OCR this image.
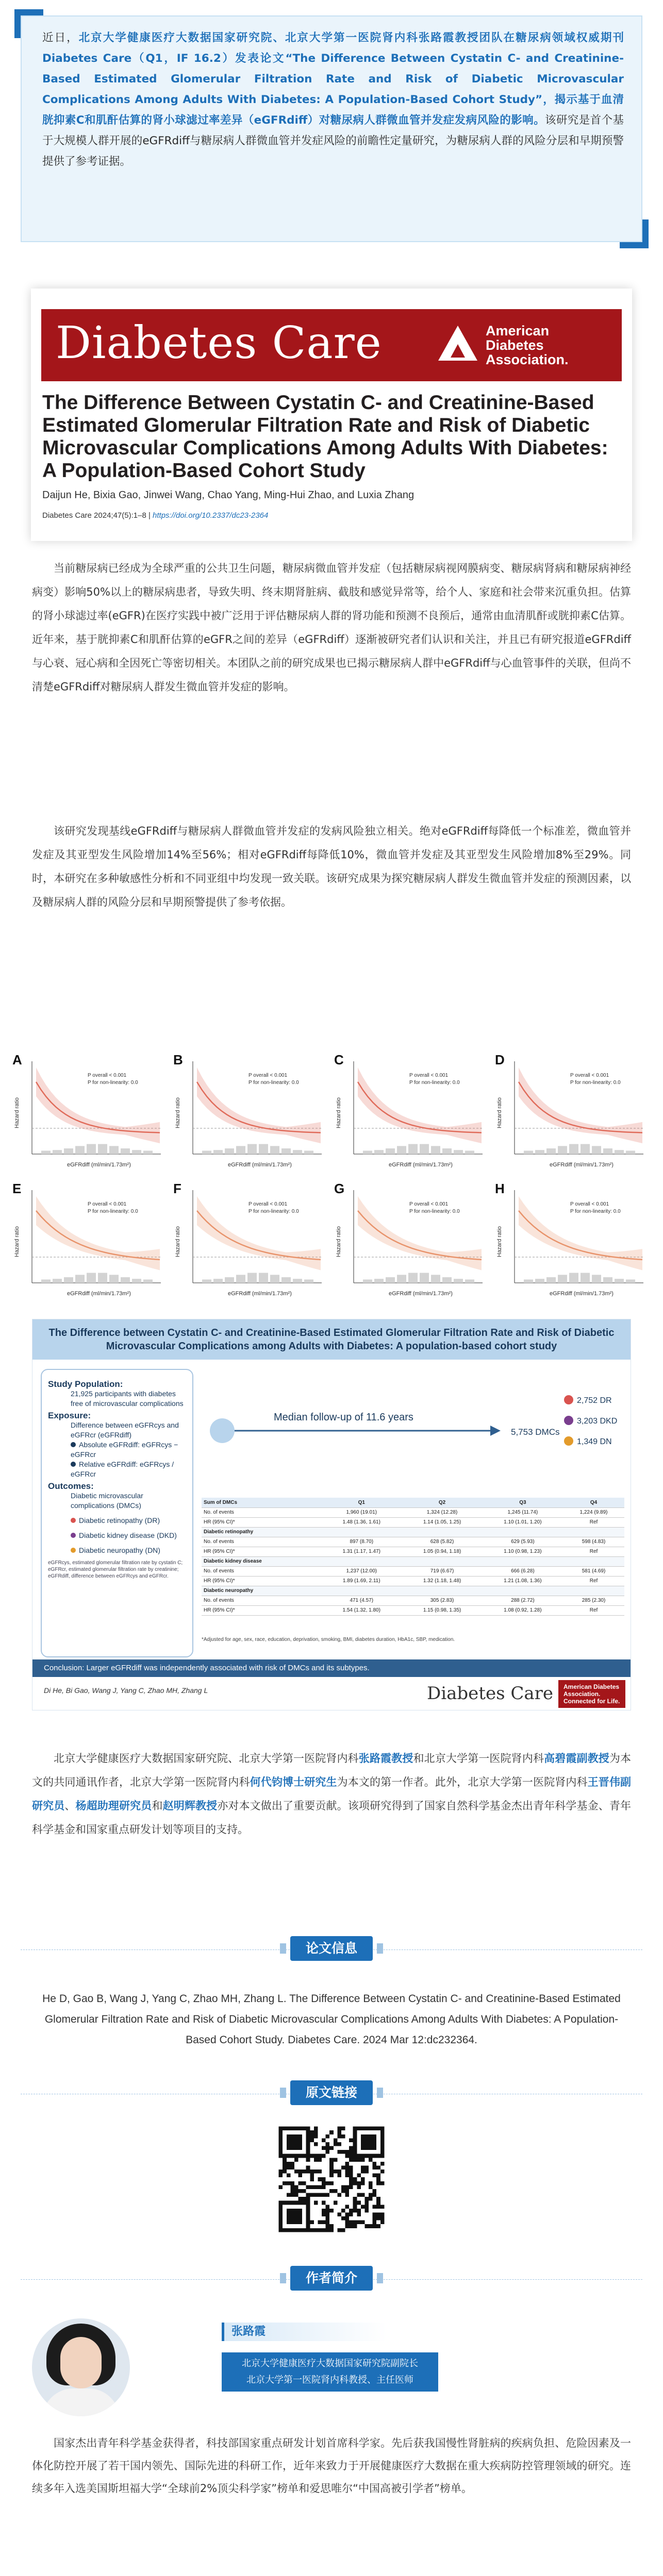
近日，北京大学健康医疗大数据国家研究院、北京大学第一医院肾内科张路霞教授团队在糖尿病领域权威期刊Diabetes Care（Q1，IF 16.2）发表论文“The Difference Between Cystatin C- and Creatinine-Based Estimated Glomerular Filtration Rate and Risk of Diabetic Microvascular Complications Among Adults With Diabetes: A Population-Based Cohort Study”，揭示基于血清胱抑素C和肌酐估算的肾小球滤过率差异（eGFRdiff）对糖尿病人群微血管并发症发病风险的影响。该研究是首个基于大规模人群开展的eGFRdiff与糖尿病人群微血管并发症风险的前瞻性定量研究，为糖尿病人群的风险分层和早期预警提供了参考证据。

Diabetes Care	American
Diabetes
Association.
The Difference Between Cystatin C- and Creatinine-Based Estimated Glomerular Filtration Rate and Risk of Diabetic Microvascular Complications Among Adults With Diabetes: A Population-Based Cohort Study
Daijun He, Bixia Gao, Jinwei Wang, Chao Yang, Ming-Hui Zhao, and Luxia Zhang
Diabetes Care 2024;47(5):1–8 | https://doi.org/10.2337/dc23-2364

当前糖尿病已经成为全球严重的公共卫生问题，糖尿病微血管并发症（包括糖尿病视网膜病变、糖尿病肾病和糖尿病神经病变）影响50%以上的糖尿病患者，导致失明、终末期肾脏病、截肢和感觉异常等，给个人、家庭和社会带来沉重负担。估算的肾小球滤过率(eGFR)在医疗实践中被广泛用于评估糖尿病人群的肾功能和预测不良预后，通常由血清肌酐或胱抑素C估算。近年来，基于胱抑素C和肌酐估算的eGFR之间的差异（eGFRdiff）逐渐被研究者们认识和关注，并且已有研究报道eGFRdiff与心衰、冠心病和全因死亡等密切相关。本团队之前的研究成果也已揭示糖尿病人群中eGFRdiff与心血管事件的关联，但尚不清楚eGFRdiff对糖尿病人群发生微血管并发症的影响。

该研究发现基线eGFRdiff与糖尿病人群微血管并发症的发病风险独立相关。绝对eGFRdiff每降低一个标准差，微血管并发症及其亚型发生风险增加14%至56%；相对eGFRdiff每降低10%，微血管并发症及其亚型发生风险增加8%至29%。同时，本研究在多种敏感性分析和不同亚组中均发现一致关联。该研究成果为探究糖尿病人群发生微血管并发症的预测因素，以及糖尿病人群的风险分层和早期预警提供了参考依据。

A
P overall < 0.001
P for non-linearity: 0.0
eGFRdiff (ml/min/1.73m²)
Hazard ratio
B
P overall < 0.001
P for non-linearity: 0.0
eGFRdiff (ml/min/1.73m²)
Hazard ratio
C
P overall < 0.001
P for non-linearity: 0.0
eGFRdiff (ml/min/1.73m²)
Hazard ratio
D
P overall < 0.001
P for non-linearity: 0.0
eGFRdiff (ml/min/1.73m²)
Hazard ratio
E
P overall < 0.001
P for non-linearity: 0.0
eGFRdiff (ml/min/1.73m²)
Hazard ratio
F
P overall < 0.001
P for non-linearity: 0.0
eGFRdiff (ml/min/1.73m²)
Hazard ratio
G
P overall < 0.001
P for non-linearity: 0.0
eGFRdiff (ml/min/1.73m²)
Hazard ratio
H
P overall < 0.001
P for non-linearity: 0.0
eGFRdiff (ml/min/1.73m²)
Hazard ratio
The Difference between Cystatin C- and Creatinine-Based Estimated Glomerular Filtration Rate and Risk of Diabetic Microvascular Complications among Adults with Diabetes: A population-based cohort study
Study Population:
21,925 participants with diabetes free of microvascular complications
Exposure:
Difference between eGFRcys and eGFRcr (eGFRdiff)
Absolute eGFRdiff: eGFRcys − eGFRcr
Relative eGFRdiff: eGFRcys / eGFRcr
Outcomes:
Diabetic microvascular complications (DMCs)
Diabetic retinopathy (DR)
Diabetic kidney disease (DKD)
Diabetic neuropathy (DN)
eGFRcys, estimated glomerular filtration rate by cystatin C; eGFRcr, estimated glomerular filtration rate by creatinine; eGFRdiff, difference between eGFRcys and eGFRcr.
Median follow-up of 11.6 years
5,753 DMCs
2,752 DR
3,203 DKD
1,349 DN
Sum of DMCs	Q1	Q2	Q3	Q4
No. of events	1,960 (19.01)	1,324 (12.28)	1,245 (11.74)	1,224 (9.89)
HR (95% CI)*	1.48 (1.36, 1.61)	1.14 (1.05, 1.25)	1.10 (1.01, 1.20)	Ref
Diabetic retinopathy				
No. of events	897 (8.70)	628 (5.82)	629 (5.93)	598 (4.83)
HR (95% CI)*	1.31 (1.17, 1.47)	1.05 (0.94, 1.18)	1.10 (0.98, 1.23)	Ref
Diabetic kidney disease				
No. of events	1,237 (12.00)	719 (6.67)	666 (6.28)	581 (4.69)
HR (95% CI)*	1.89 (1.69, 2.11)	1.32 (1.18, 1.48)	1.21 (1.08, 1.36)	Ref
Diabetic neuropathy				
No. of events	471 (4.57)	305 (2.83)	288 (2.72)	285 (2.30)
HR (95% CI)*	1.54 (1.32, 1.80)	1.15 (0.98, 1.35)	1.08 (0.92, 1.28)	Ref
*Adjusted for age, sex, race, education, deprivation, smoking, BMI, diabetes duration, HbA1c, SBP, medication.
Conclusion: Larger eGFRdiff was independently associated with risk of DMCs and its subtypes.
Di He, Bi Gao, Wang J, Yang C, Zhao MH, Zhang L	Diabetes Care	American Diabetes Association. Connected for Life.

北京大学健康医疗大数据国家研究院、北京大学第一医院肾内科张路霞教授和北京大学第一医院肾内科高碧霞副教授为本文的共同通讯作者，北京大学第一医院肾内科何代钧博士研究生为本文的第一作者。此外，北京大学第一医院肾内科王晋伟副研究员、杨超助理研究员和赵明辉教授亦对本文做出了重要贡献。该项研究得到了国家自然科学基金杰出青年科学基金、青年科学基金和国家重点研发计划等项目的支持。

论文信息

He D, Gao B, Wang J, Yang C, Zhao MH, Zhang L. The Difference Between Cystatin C- and Creatinine-Based Estimated Glomerular Filtration Rate and Risk of Diabetic Microvascular Complications Among Adults With Diabetes: A Population-Based Cohort Study. Diabetes Care. 2024 Mar 12:dc232364.

原文链接
作者简介
张路霞
北京大学健康医疗大数据国家研究院副院长
北京大学第一医院肾内科教授、主任医师

国家杰出青年科学基金获得者，科技部国家重点研发计划首席科学家。先后获我国慢性肾脏病的疾病负担、危险因素及一体化防控开展了若干国内领先、国际先进的科研工作，近年来致力于开展健康医疗大数据在重大疾病防控管理领域的研究。连续多年入选美国斯坦福大学“全球前2%顶尖科学家”榜单和爱思唯尔“中国高被引学者”榜单。
